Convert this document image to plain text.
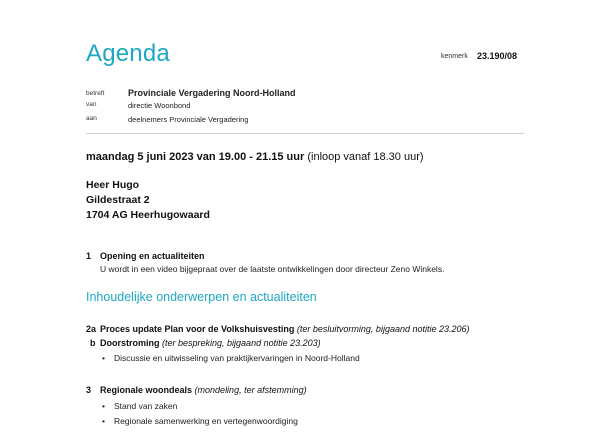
Agenda	kenmerk 23.190/08
betreft	Provinciale Vergadering Noord-Holland
van	directie Woonbond
aan	deelnemers Provinciale Vergadering
maandag 5 juni 2023 van 19.00 - 21.15 uur (inloop vanaf 18.30 uur)
Heer Hugo
Gildestraat 2
1704 AG Heerhugowaard
1 Opening en actualiteiten
U wordt in een video bijgepraat over de laatste ontwikkelingen door directeur Zeno Winkels.
Inhoudelijke onderwerpen en actualiteiten
2a Proces update Plan voor de Volkshuisvesting (ter besluitvorming, bijgaand notitie 23.206)
b Doorstroming (ter bespreking, bijgaand notitie 23.203)
• Discussie en uitwisseling van praktijkervaringen in Noord-Holland
3 Regionale woondeals (mondeling, ter afstemming)
• Stand van zaken
• Regionale samenwerking en vertegenwoordiging
